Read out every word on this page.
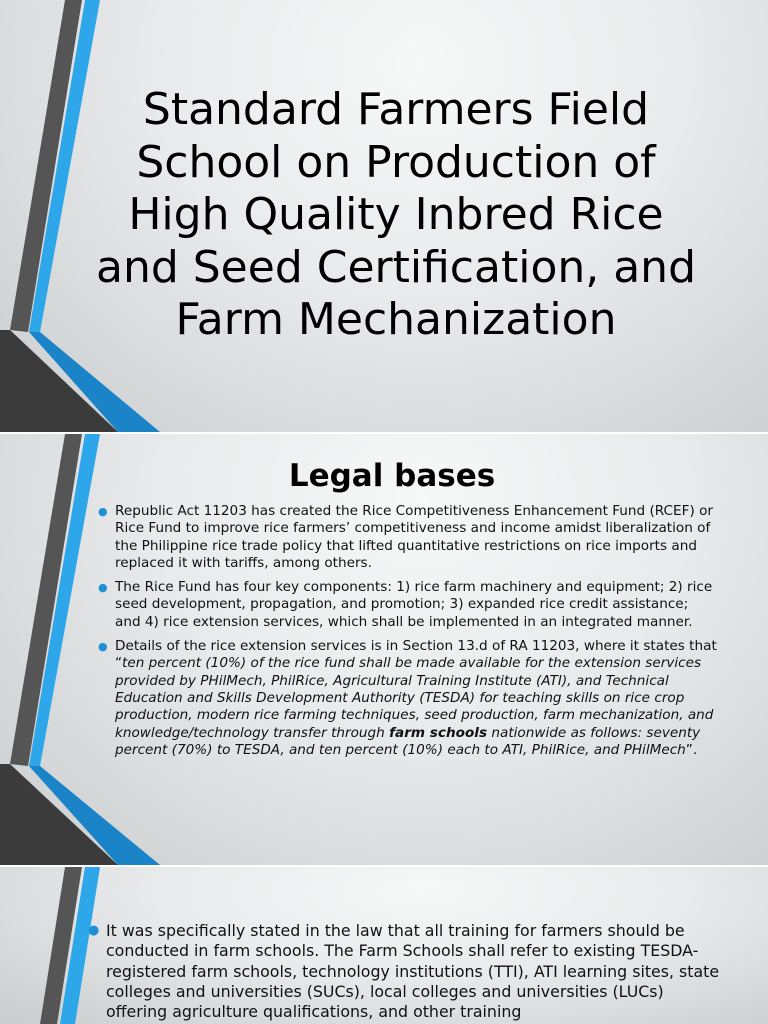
Standard Farmers Field School on Production of High Quality Inbred Rice and Seed Certification, and Farm Mechanization
Legal bases
● Republic Act 11203 has created the Rice Competitiveness Enhancement Fund (RCEF) or Rice Fund to improve rice farmers’ competitiveness and income amidst liberalization of the Philippine rice trade policy that lifted quantitative restrictions on rice imports and replaced it with tariffs, among others.
● The Rice Fund has four key components: 1) rice farm machinery and equipment; 2) rice seed development, propagation, and promotion; 3) expanded rice credit assistance; and 4) rice extension services, which shall be implemented in an integrated manner.
● Details of the rice extension services is in Section 13.d of RA 11203, where it states that “ten percent (10%) of the rice fund shall be made available for the extension services provided by PHilMech, PhilRice, Agricultural Training Institute (ATI), and Technical Education and Skills Development Authority (TESDA) for teaching skills on rice crop production, modern rice farming techniques, seed production, farm mechanization, and knowledge/technology transfer through farm schools nationwide as follows: seventy percent (70%) to TESDA, and ten percent (10%) each to ATI, PhilRice, and PHilMech”.
● It was specifically stated in the law that all training for farmers should be conducted in farm schools. The Farm Schools shall refer to existing TESDA-registered farm schools, technology institutions (TTI), ATI learning sites, state colleges and universities (SUCs), local colleges and universities (LUCs) offering agriculture qualifications, and other training
